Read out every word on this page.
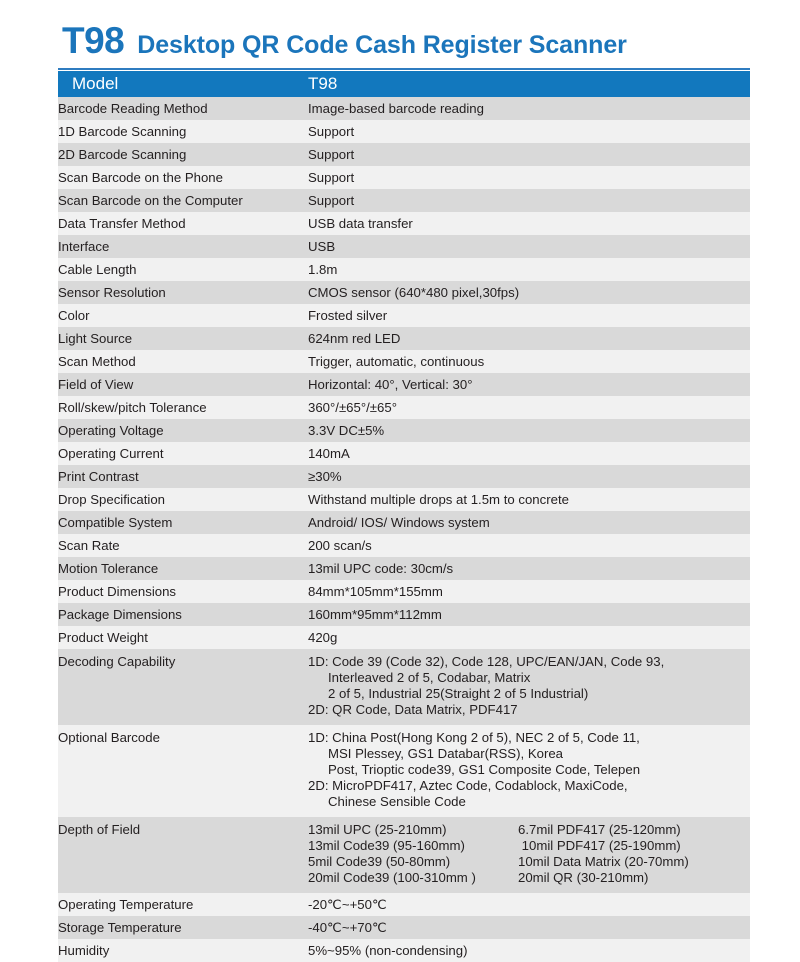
T98 Desktop QR Code Cash Register Scanner
Model	T98
Barcode Reading Method	Image-based barcode reading
1D Barcode Scanning	Support
2D Barcode Scanning	Support
Scan Barcode on the Phone	Support
Scan Barcode on the Computer	Support
Data Transfer Method	USB data transfer
Interface	USB
Cable Length	1.8m
Sensor Resolution	CMOS sensor (640*480 pixel,30fps)
Color	Frosted silver
Light Source	624nm red LED
Scan Method	Trigger, automatic, continuous
Field of View	Horizontal: 40°, Vertical: 30°
Roll/skew/pitch Tolerance	360°/±65°/±65°
Operating Voltage	3.3V DC±5%
Operating Current	140mA
Print Contrast	≥30%
Drop Specification	Withstand multiple drops at 1.5m to concrete
Compatible System	Android/ IOS/ Windows system
Scan Rate	200 scan/s
Motion Tolerance	13mil UPC code: 30cm/s
Product Dimensions	84mm*105mm*155mm
Package Dimensions	160mm*95mm*112mm
Product Weight	420g
Decoding Capability	1D: Code 39 (Code 32), Code 128, UPC/EAN/JAN, Code 93,
Interleaved 2 of 5, Codabar, Matrix
2 of 5, Industrial 25(Straight 2 of 5 Industrial)
2D: QR Code, Data Matrix, PDF417

Optional Barcode	1D: China Post(Hong Kong 2 of 5), NEC 2 of 5, Code 11,
MSI Plessey, GS1 Databar(RSS), Korea
Post, Trioptic code39, GS1 Composite Code, Telepen
2D: MicroPDF417, Aztec Code, Codablock, MaxiCode,
Chinese Sensible Code

Depth of Field	13mil UPC (25-210mm)	6.7mil PDF417 (25-120mm)
13mil Code39 (95-160mm)	10mil PDF417 (25-190mm)
5mil Code39 (50-80mm)	10mil Data Matrix (20-70mm)
20mil Code39 (100-310mm )	20mil QR (30-210mm)

Operating Temperature	-20℃~+50℃
Storage Temperature	-40℃~+70℃
Humidity	5%~95% (non-condensing)
